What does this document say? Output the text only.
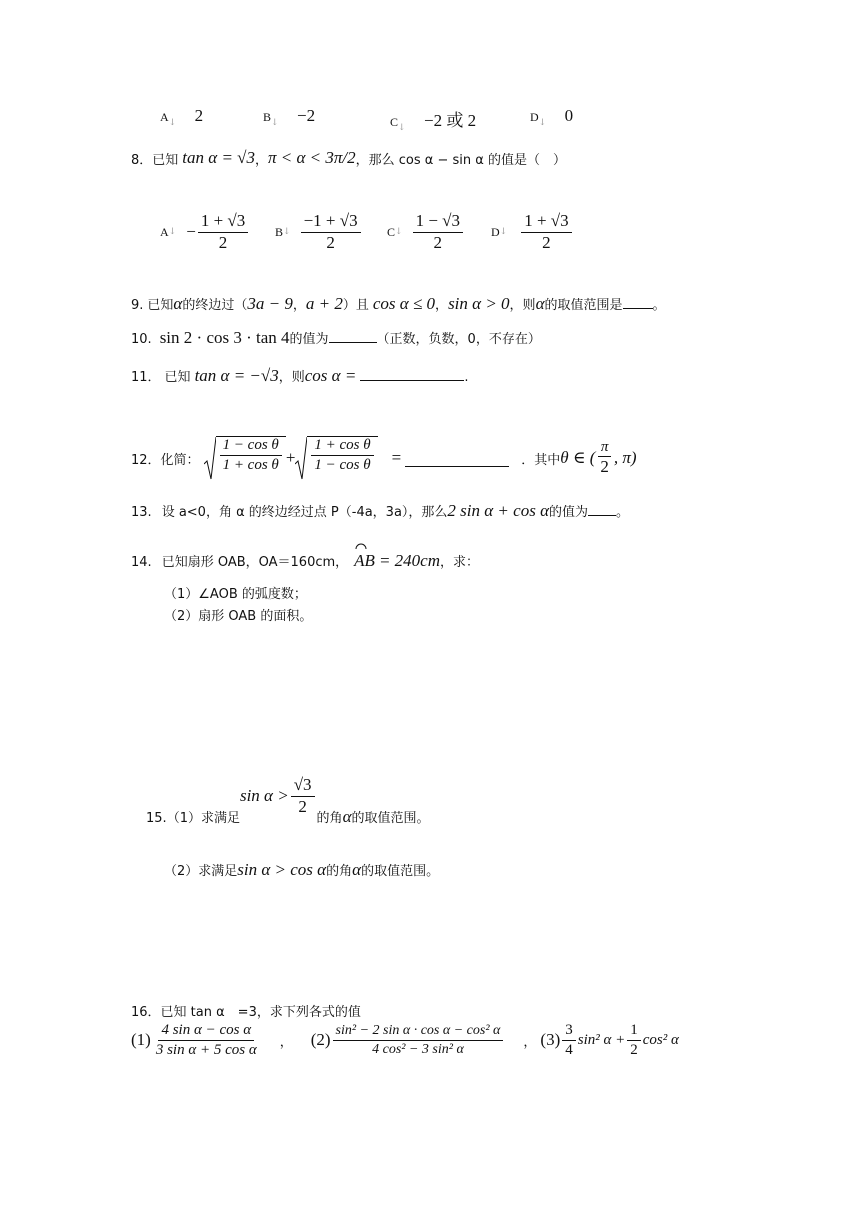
$A_↓$ 2	$B_↓ -2$	$C_↓ -2$ 或 2	$D_↓$ 0
8． 已知 tan α = √3 ， π < α < 3π/2 ， 那么 cos α − sin α 的值是（　）
A ↓ − $\frac{1 + √3}{2}$ B ↓ $\frac{-1 + √3}{2}$ C ↓ $\frac{1 - √3}{2}$ D ↓ $\frac{1 + √3}{2}$
9. 已知 α 的终边过（ 3a − 9 ， a + 2 ）且 cos α ≤ 0 ， sin α > 0 ，则 α 的取值范围是 。
10. sin 2 · cos 3 · tan 4 的值为	（正数，负数，0，不存在）
11． 已知 tan α = −√3 ，则 cos α =	.
12． 化简： $\frac{\text{1 − cos θ}}{\text{1 + cos θ}} + \frac{\text{1 + cos θ}}{\text{1 − cos θ}}$ =	．其中 θ ∈ ( $\frac{\pi}{2}$ , π)
13. 设 a<0，角 α 的终边经过点 P（-4a，3a），那么 2 sin α + cos α 的值为 。
14. 已知扇形 OAB，OA＝160cm， AB = 240cm ，求：
（1）∠AOB 的弧度数；
（2）扇形 OAB 的面积。
15. （1）求满足
$\sin \alpha > \frac{√3}{2}$
的角 α 的取值范围。
（2）求满足 sin α > cos α 的角 α 的取值范围。
16． 已知 tan α　=3，求下列各式的值
$(1) \frac{\text{4 sin α − cos α}}{\text{3 sin α + 5 cos α}}$ ， $(2) \frac{\text{sin² − 2 sin α · cos α − cos² α}}{\text{4 cos² − 3 sin² α}}$ ， $(3) \frac{3}{4} \sin^2$ $\alpha + \frac{1}{2} \cos^2$ α
